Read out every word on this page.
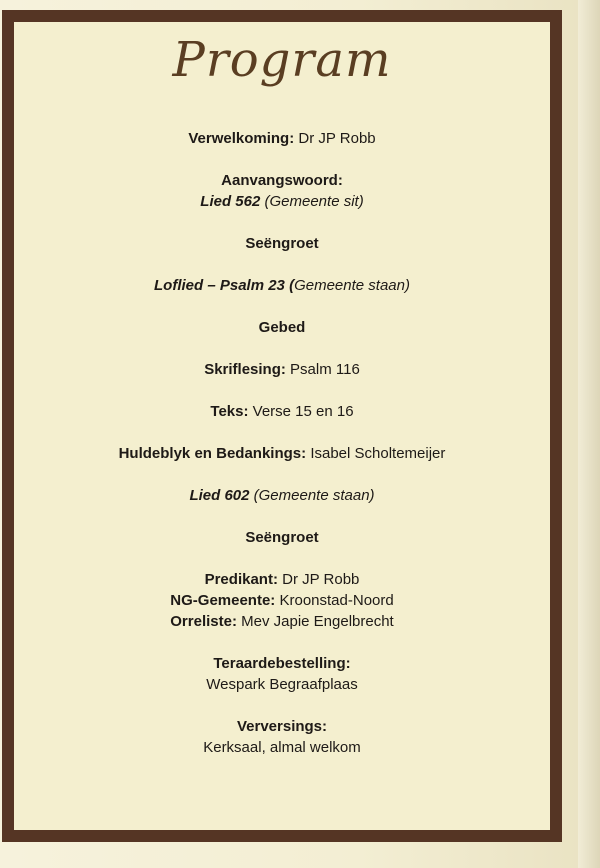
Program

Verwelkoming: Dr JP Robb

Aanvangswoord:

Lied 562 (Gemeente sit)

Seëngroet

Loflied – Psalm 23 (Gemeente staan)

Gebed

Skriflesing: Psalm 116

Teks: Verse 15 en 16

Huldeblyk en Bedankings: Isabel Scholtemeijer

Lied 602 (Gemeente staan)

Seëngroet

Predikant: Dr JP Robb

NG-Gemeente: Kroonstad-Noord

Orreliste: Mev Japie Engelbrecht

Teraardebestelling:

Wespark Begraafplaas

Verversings:

Kerksaal, almal welkom
